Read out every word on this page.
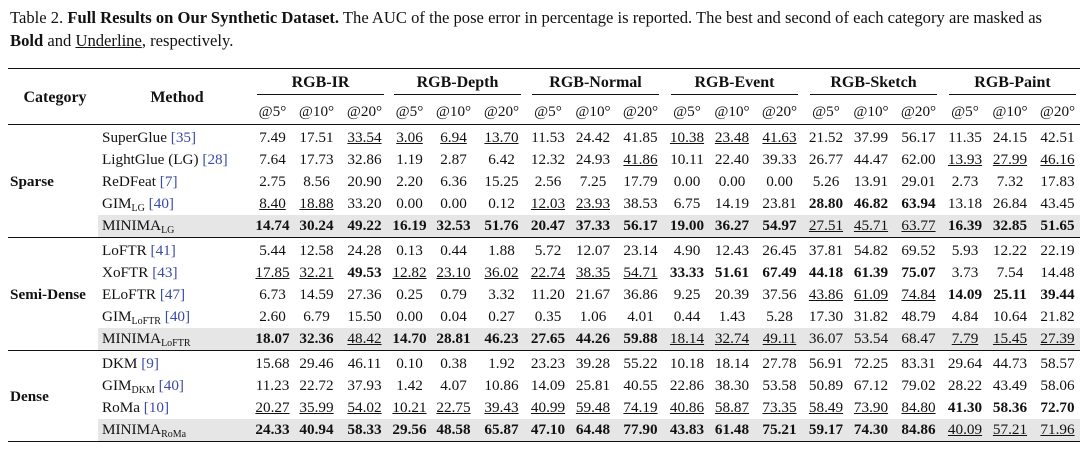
Table 2. Full Results on Our Synthetic Dataset. The AUC of the pose error in percentage is reported. The best and second of each category are masked as Bold and Underline, respectively.

Category	Method	RGB-IR			RGB-Depth			RGB-Normal			RGB-Event			RGB-Sketch			RGB-Paint		
		@5°	@10°	@20°	@5°	@10°	@20°	@5°	@10°	@20°	@5°	@10°	@20°	@5°	@10°	@20°	@5°	@10°	@20°

Sparse	SuperGlue [35]	7.49	17.51	33.54	3.06	6.94	13.70	11.53	24.42	41.85	10.38	23.48	41.63	21.52	37.99	56.17	11.35	24.15	42.51
	LightGlue (LG) [28]	7.64	17.73	32.86	1.19	2.87	6.42	12.32	24.93	41.86	10.11	22.40	39.33	26.77	44.47	62.00	13.93	27.99	46.16
	ReDFeat [7]	2.75	8.56	20.90	2.20	6.36	15.25	2.56	7.25	17.79	0.00	0.00	0.00	5.26	13.91	29.01	2.73	7.32	17.83
	$GIM_{LG}$ [40]	8.40	18.88	33.20	0.00	0.00	0.12	12.03	23.93	38.53	6.75	14.19	23.81	28.80	46.82	63.94	13.18	26.84	43.45
	$MINIMA_{LG}$	14.74	30.24	49.22	16.19	32.53	51.76	20.47	37.33	56.17	19.00	36.27	54.97	27.51	45.71	63.77	16.39	32.85	51.65

Semi-Dense	LoFTR [41]	5.44	12.58	24.28	0.13	0.44	1.88	5.72	12.07	23.14	4.90	12.43	26.45	37.81	54.82	69.52	5.93	12.22	22.19
	XoFTR [43]	17.85	32.21	49.53	12.82	23.10	36.02	22.74	38.35	54.71	33.33	51.61	67.49	44.18	61.39	75.07	3.73	7.54	14.48
	ELoFTR [47]	6.73	14.59	27.36	0.25	0.79	3.32	11.20	21.67	36.86	9.25	20.39	37.56	43.86	61.09	74.84	14.09	25.11	39.44
	$GIM_{LoFTR}$ [40]	2.60	6.79	15.50	0.00	0.04	0.27	0.35	1.06	4.01	0.44	1.43	5.28	17.30	31.82	48.79	4.84	10.64	21.82
	$MINIMA_{LoFTR}$	18.07	32.36	48.42	14.70	28.81	46.23	27.65	44.26	59.88	18.14	32.74	49.11	36.07	53.54	68.47	7.79	15.45	27.39

Dense	DKM [9]	15.68	29.46	46.11	0.10	0.38	1.92	23.23	39.28	55.22	10.18	18.14	27.78	56.91	72.25	83.31	29.64	44.73	58.57
	$GIM_{DKM}$ [40]	11.23	22.72	37.93	1.42	4.07	10.86	14.09	25.81	40.55	22.86	38.30	53.58	50.89	67.12	79.02	28.22	43.49	58.06
	RoMa [10]	20.27	35.99	54.02	10.21	22.75	39.43	40.99	59.48	74.19	40.86	58.87	73.35	58.49	73.90	84.80	41.30	58.36	72.70
	$MINIMA_{RoMa}$	24.33	40.94	58.33	29.56	48.58	65.87	47.10	64.48	77.90	43.83	61.48	75.21	59.17	74.30	84.86	40.09	57.21	71.96
